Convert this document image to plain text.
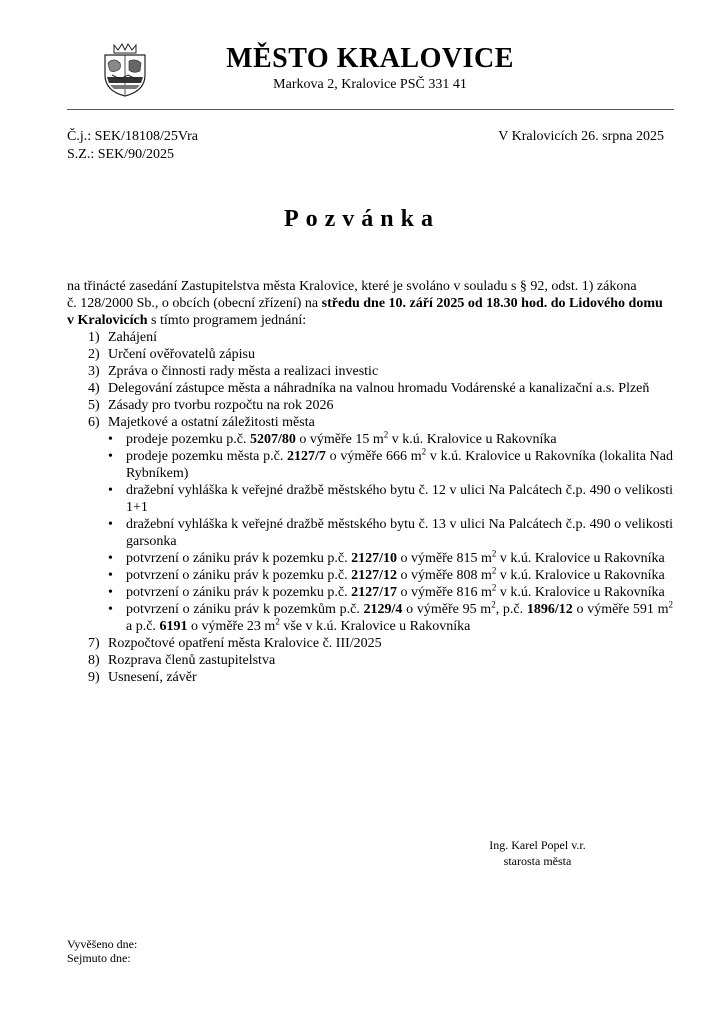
MĚSTO KRALOVICE
Markova 2, Kralovice PSČ 331 41
Č.j.: SEK/18108/25Vra
S.Z.: SEK/90/2025
V Kralovicích 26. srpna 2025
Pozvánka

na třinácté zasedání Zastupitelstva města Kralovice, které je svoláno v souladu s § 92, odst. 1) zákona

č. 128/2000 Sb., o obcích (obecní zřízení) na středu dne 10. září 2025 od 18.30 hod. do Lidového domu

v Kralovicích s tímto programem jednání:

1) Zahájení
2) Určení ověřovatelů zápisu
3) Zpráva o činnosti rady města a realizaci investic
4) Delegování zástupce města a náhradníka na valnou hromadu Vodárenské a kanalizační a.s. Plzeň
5) Zásady pro tvorbu rozpočtu na rok 2026
6) Majetkové a ostatní záležitosti města
• prodeje pozemku p.č. 5207/80 o výměře 15 $m^2$ v k.ú. Kralovice u Rakovníka
• prodeje pozemku města p.č. 2127/7 o výměře 666 $m^2$ v k.ú. Kralovice u Rakovníka (lokalita Nad Rybníkem)
• dražební vyhláška k veřejné dražbě městského bytu č. 12 v ulici Na Palcátech č.p. 490 o velikosti 1+1
• dražební vyhláška k veřejné dražbě městského bytu č. 13 v ulici Na Palcátech č.p. 490 o velikosti garsonka
• potvrzení o zániku práv k pozemku p.č. 2127/10 o výměře 815 $m^2$ v k.ú. Kralovice u Rakovníka
• potvrzení o zániku práv k pozemku p.č. 2127/12 o výměře 808 $m^2$ v k.ú. Kralovice u Rakovníka
• potvrzení o zániku práv k pozemku p.č. 2127/17 o výměře 816 $m^2$ v k.ú. Kralovice u Rakovníka
• potvrzení o zániku práv k pozemkům p.č. 2129/4 o výměře 95 $m^2$, p.č. 1896/12 o výměře 591 $m^2$ a p.č. 6191 o výměře 23 $m^2$ vše v k.ú. Kralovice u Rakovníka
7) Rozpočtové opatření města Kralovice č. III/2025
8) Rozprava členů zastupitelstva
9) Usnesení, závěr
Ing. Karel Popel v.r.
starosta města
Vyvěšeno dne:
Sejmuto dne:
